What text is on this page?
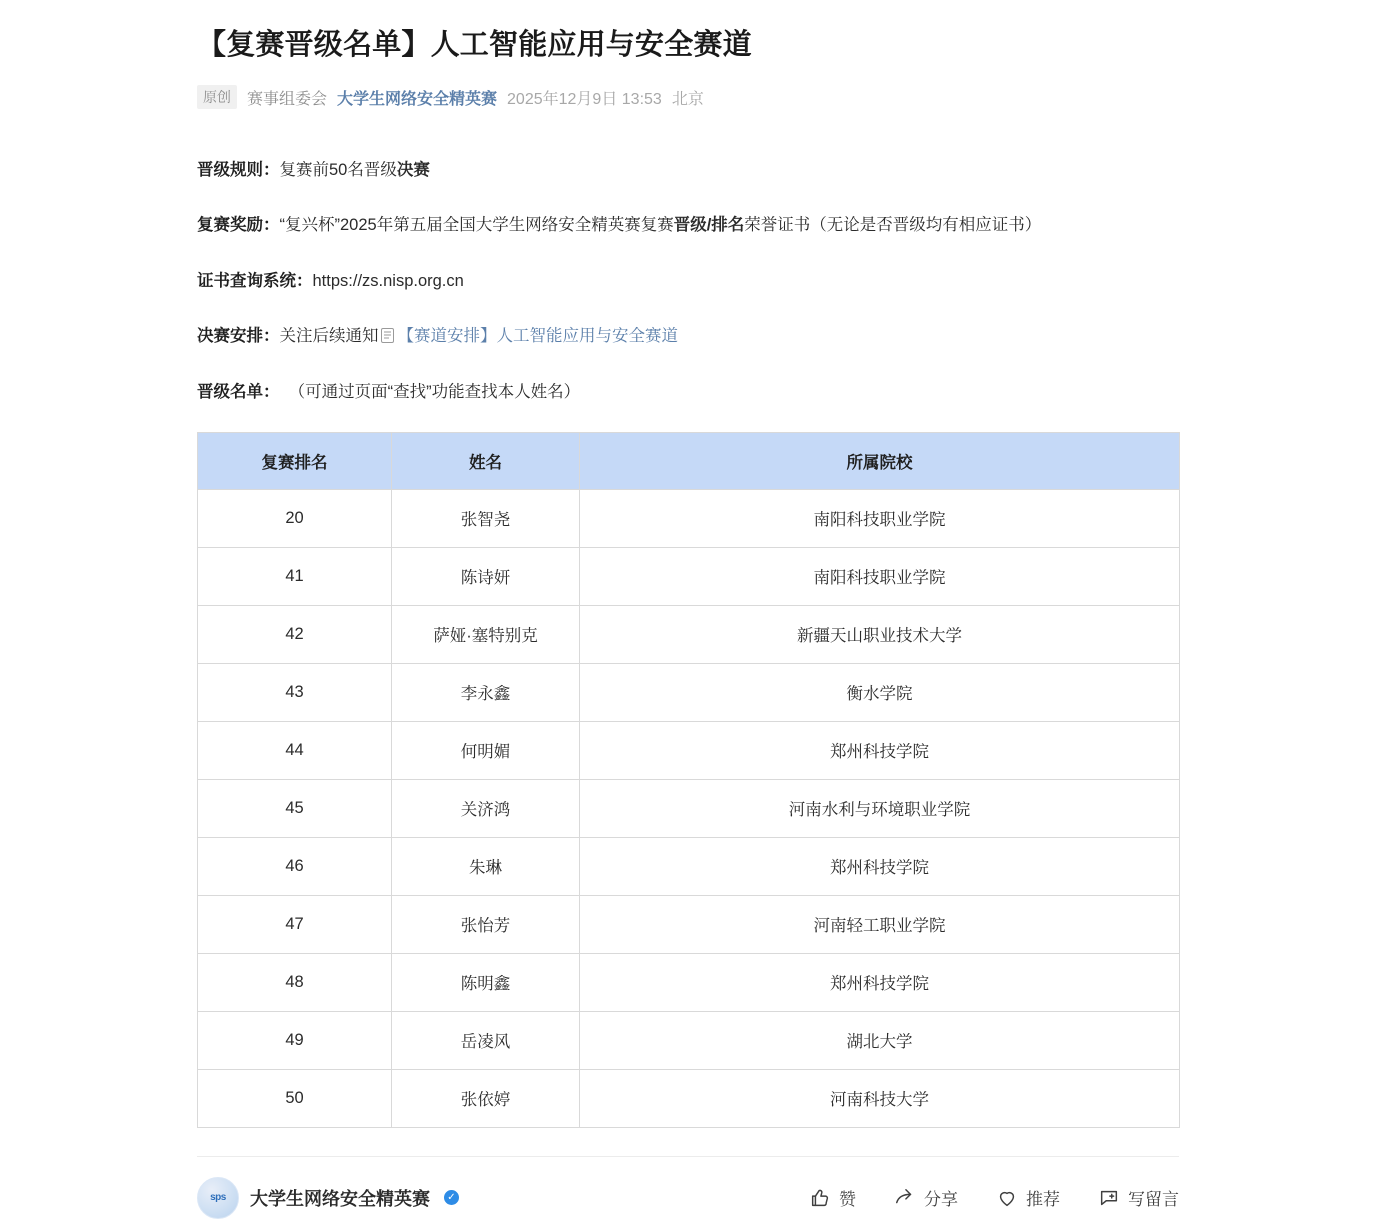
【复赛晋级名单】人工智能应用与安全赛道
原创	赛事组委会 大学生网络安全精英赛 2025年12月9日 13:53 北京

晋级规则：复赛前50名晋级决赛

复赛奖励：“复兴杯”2025年第五届全国大学生网络安全精英赛复赛晋级/排名荣誉证书（无论是否晋级均有相应证书）

证书查询系统：https://zs.nisp.org.cn

决赛安排：关注后续通知 【赛道安排】人工智能应用与安全赛道

晋级名单： （可通过页面“查找”功能查找本人姓名）

复赛排名	姓名	所属院校
20	张智尧	南阳科技职业学院
41	陈诗妍	南阳科技职业学院
42	萨娅·塞特别克	新疆天山职业技术大学
43	李永鑫	衡水学院
44	何明媚	郑州科技学院
45	关济鸿	河南水利与环境职业学院
46	朱琳	郑州科技学院
47	张怡芳	河南轻工职业学院
48	陈明鑫	郑州科技学院
49	岳凌风	湖北大学
50	张依婷	河南科技大学
sps	大学生网络安全精英赛	✓	赞	分享	推荐	写留言
